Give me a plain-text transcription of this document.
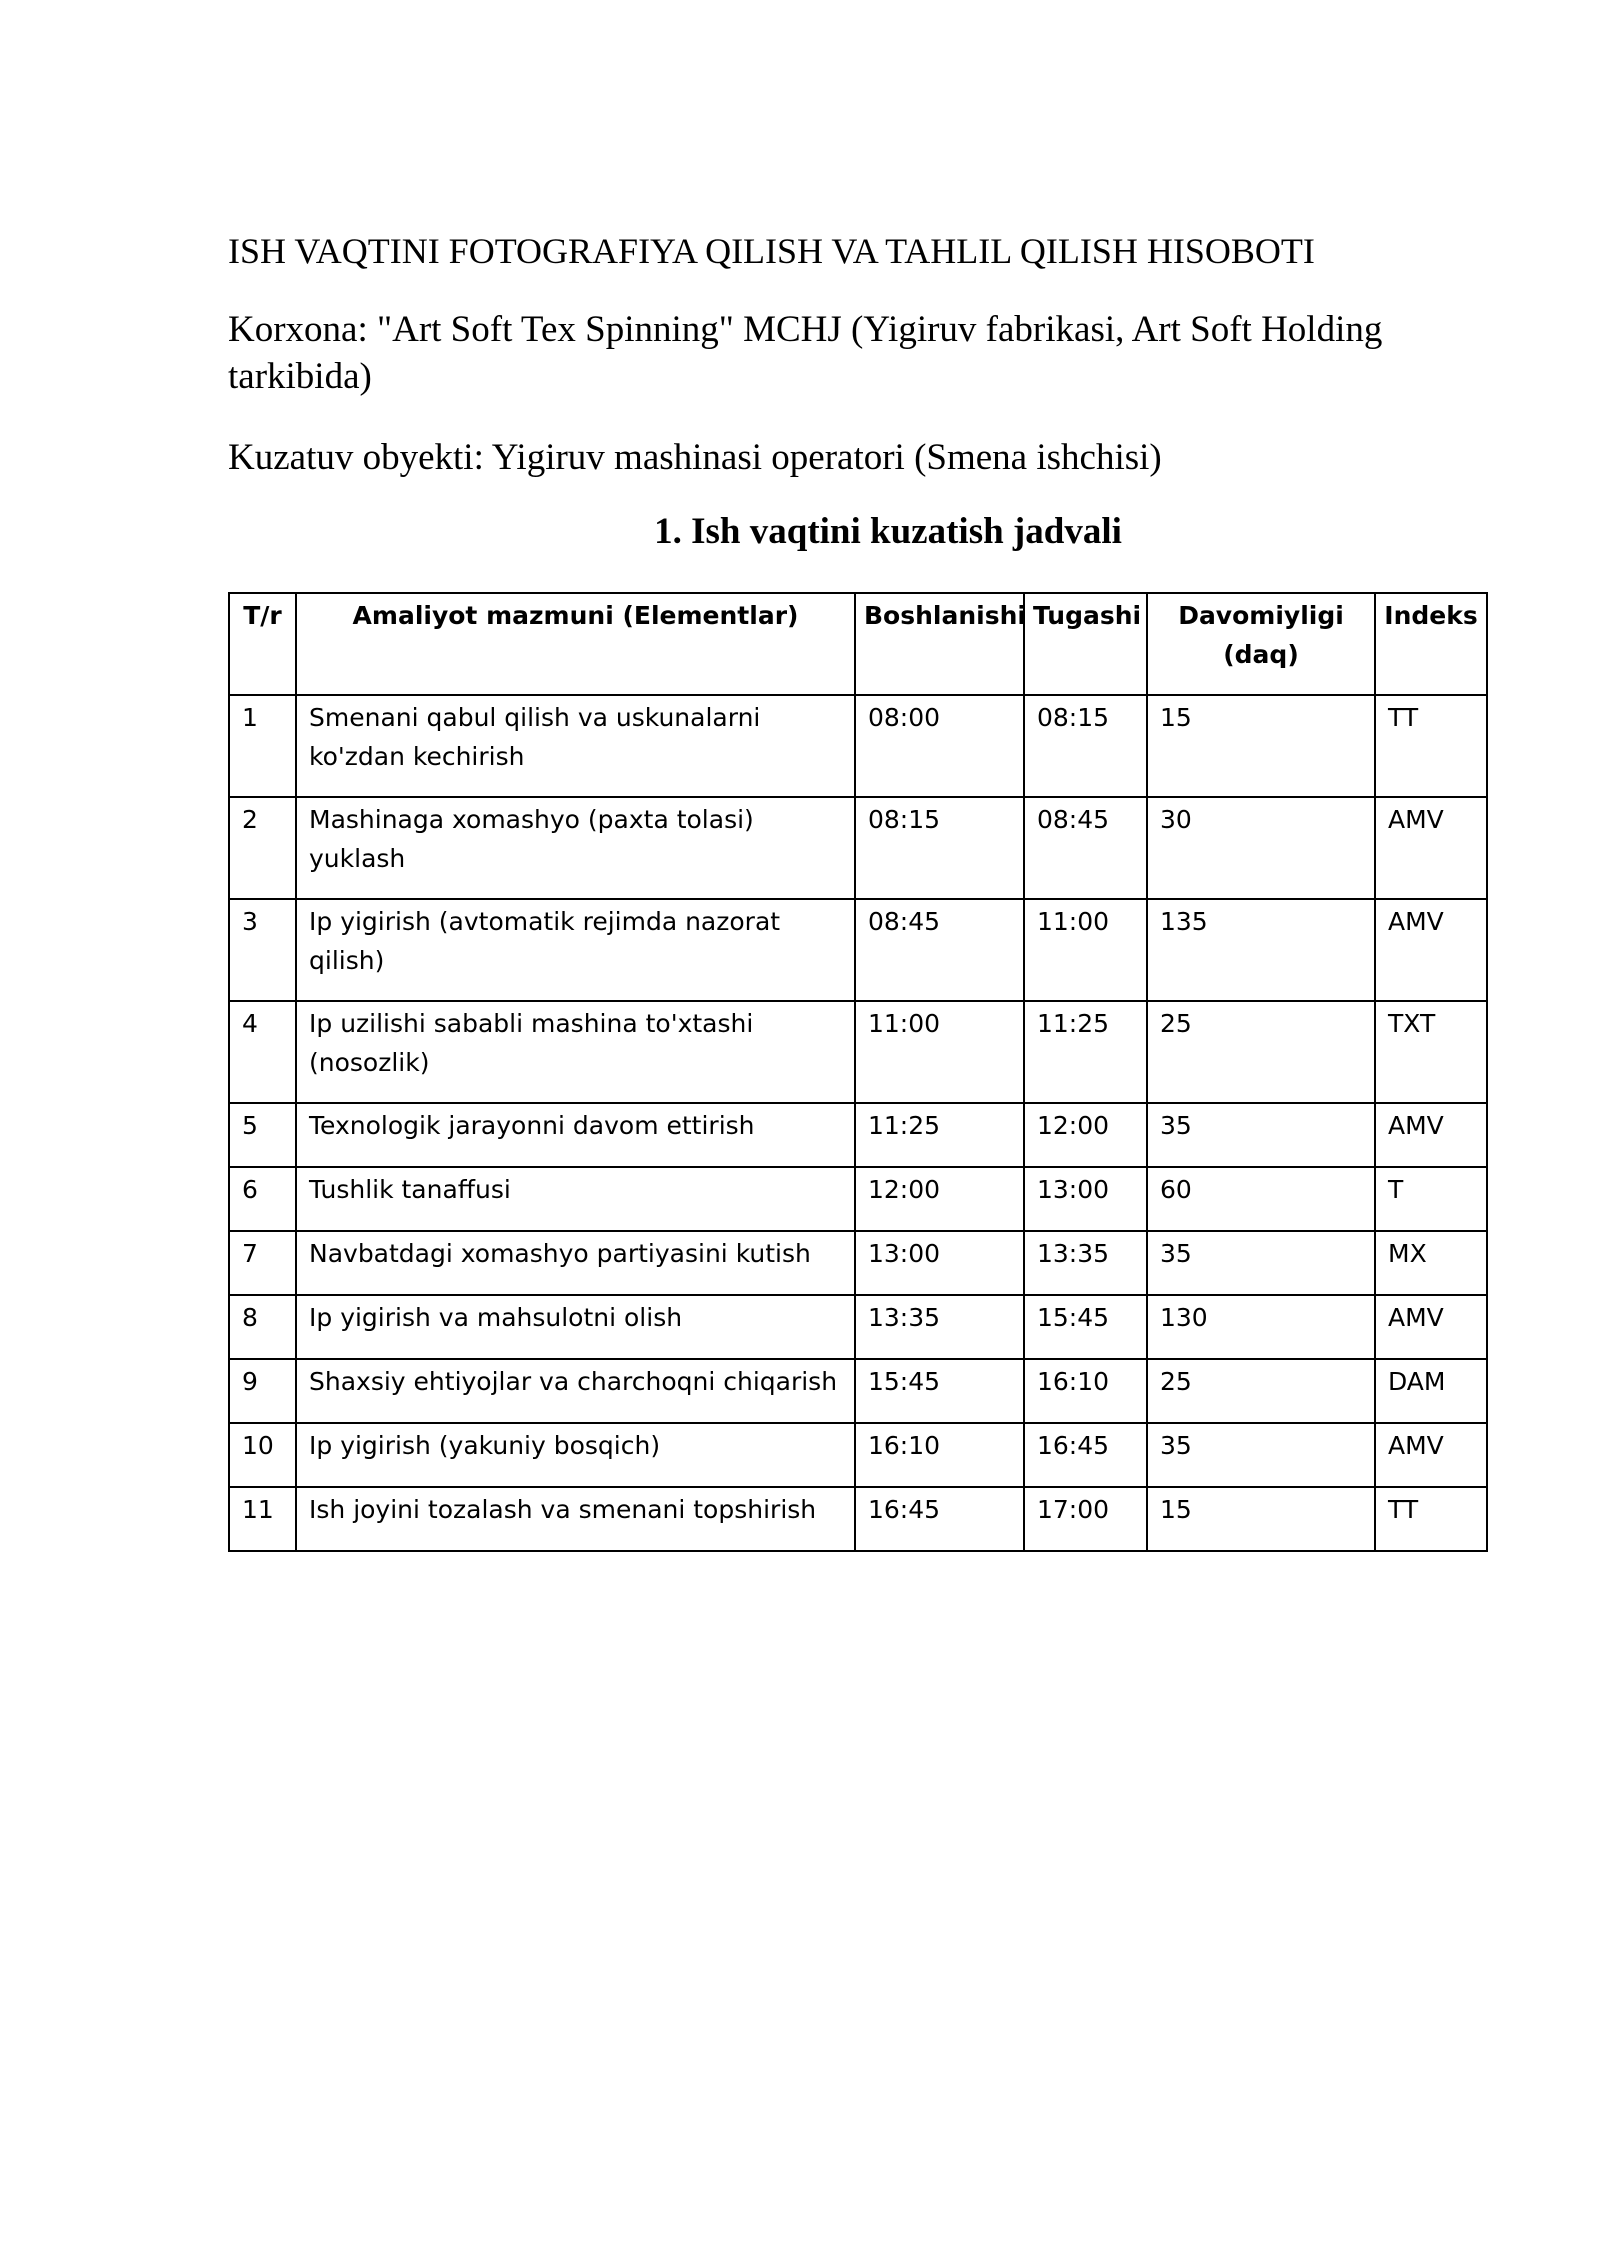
ISH VAQTINI FOTOGRAFIYA QILISH VA TAHLIL QILISH HISOBOTI

Korxona: "Art Soft Tex Spinning" MCHJ (Yigiruv fabrikasi, Art Soft Holding tarkibida)

Kuzatuv obyekti: Yigiruv mashinasi operatori (Smena ishchisi)

1. Ish vaqtini kuzatish jadvali
T/r	Amaliyot mazmuni (Elementlar)	Boshlanishi	Tugashi	Davomiyligi (daq)	Indeks
1	Smenani qabul qilish va uskunalarni ko'zdan kechirish	08:00	08:15	15	TT
2	Mashinaga xomashyo (paxta tolasi) yuklash	08:15	08:45	30	AMV
3	Ip yigirish (avtomatik rejimda nazorat qilish)	08:45	11:00	135	AMV
4	Ip uzilishi sababli mashina to'xtashi (nosozlik)	11:00	11:25	25	TXT
5	Texnologik jarayonni davom ettirish	11:25	12:00	35	AMV
6	Tushlik tanaffusi	12:00	13:00	60	T
7	Navbatdagi xomashyo partiyasini kutish	13:00	13:35	35	MX
8	Ip yigirish va mahsulotni olish	13:35	15:45	130	AMV
9	Shaxsiy ehtiyojlar va charchoqni chiqarish	15:45	16:10	25	DAM
10	Ip yigirish (yakuniy bosqich)	16:10	16:45	35	AMV
11	Ish joyini tozalash va smenani topshirish	16:45	17:00	15	TT
